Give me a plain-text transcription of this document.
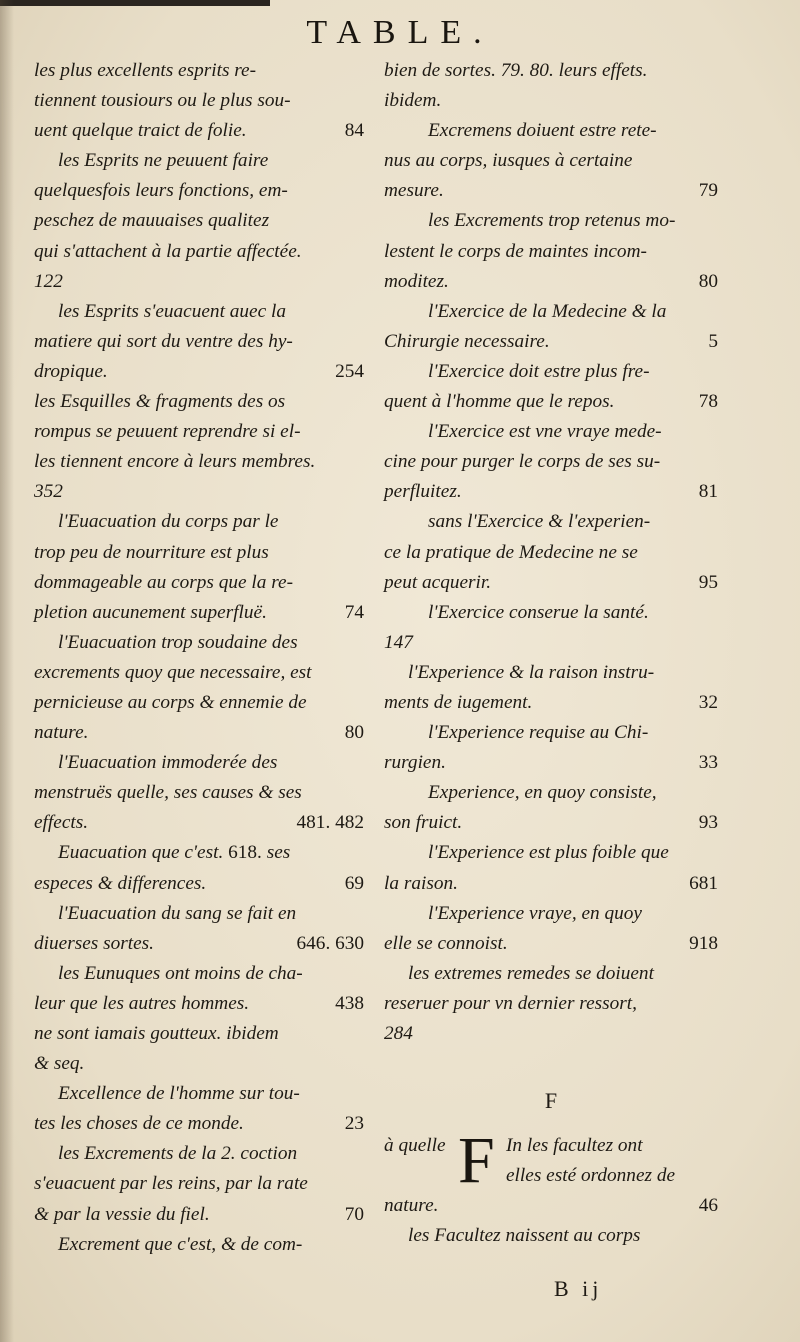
TABLE.
les plus excellents esprits re-
tiennent tousiours ou le plus sou-
uent quelque traict de folie.	84
les Esprits ne peuuent faire
quelquesfois leurs fonctions, em-
peschez de mauuaises qualitez
qui s'attachent à la partie affectée.
122
les Esprits s'euacuent auec la
matiere qui sort du ventre des hy-
dropique.	254
les Esquilles & fragments des os
rompus se peuuent reprendre si el-
les tiennent encore à leurs membres.
352
l'Euacuation du corps par le
trop peu de nourriture est plus
dommageable au corps que la re-
pletion aucunement superfluë.	74
l'Euacuation trop soudaine des
excrements quoy que necessaire, est
pernicieuse au corps & ennemie de
nature.	80
l'Euacuation immoderée des
menstruës quelle, ses causes & ses
effects.	481. 482
Euacuation que c'est. 618. ses
especes & differences.	69
l'Euacuation du sang se fait en
diuerses sortes.	646. 630
les Eunuques ont moins de cha-
leur que les autres hommes.	438
ne sont iamais goutteux. ibidem
& seq.
Excellence de l'homme sur tou-
tes les choses de ce monde.	23
les Excrements de la 2. coction
s'euacuent par les reins, par la rate
& par la vessie du fiel.	70
Excrement que c'est, & de com-
bien de sortes. 79. 80. leurs effets.
ibidem.
Excremens doiuent estre rete-
nus au corps, iusques à certaine
mesure.	79
les Excrements trop retenus mo-
lestent le corps de maintes incom-
moditez.	80
l'Exercice de la Medecine & la
Chirurgie necessaire.	5
l'Exercice doit estre plus fre-
quent à l'homme que le repos.	78
l'Exercice est vne vraye mede-
cine pour purger le corps de ses su-
perfluitez.	81
sans l'Exercice & l'experien-
ce la pratique de Medecine ne se
peut acquerir.	95
l'Exercice conserue la santé.
147
l'Experience & la raison instru-
ments de iugement.	32
l'Experience requise au Chi-
rurgien.	33
Experience, en quoy consiste,
son fruict.	93
l'Experience est plus foible que
la raison.	681
l'Experience vraye, en quoy
elle se connoist.	918
les extremes remedes se doiuent
reseruer pour vn dernier ressort,
284
F
à quelle F In les facultez ont
elles esté ordonnez de
nature.	46
les Facultez naissent au corps
B ij
